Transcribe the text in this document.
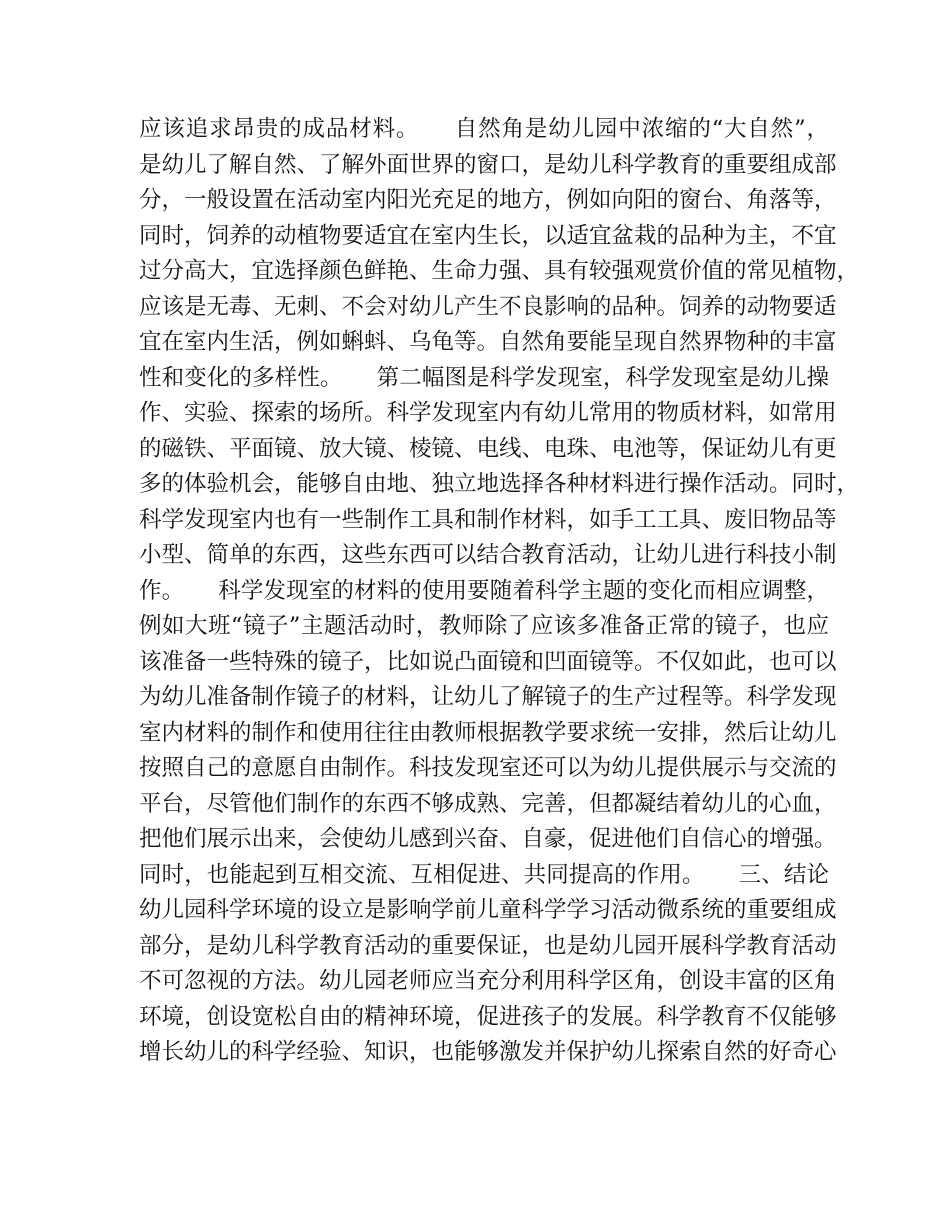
应该追求昂贵的成品材料。　　自然角是幼儿园中浓缩的“大自然”，
是幼儿了解自然、了解外面世界的窗口，是幼儿科学教育的重要组成部
分，一般设置在活动室内阳光充足的地方，例如向阳的窗台、角落等，
同时，饲养的动植物要适宜在室内生长，以适宜盆栽的品种为主，不宜
过分高大，宜选择颜色鲜艳、生命力强、具有较强观赏价值的常见植物，
应该是无毒、无刺、不会对幼儿产生不良影响的品种。饲养的动物要适
宜在室内生活，例如蝌蚪、乌龟等。自然角要能呈现自然界物种的丰富
性和变化的多样性。　　第二幅图是科学发现室，科学发现室是幼儿操
作、实验、探索的场所。科学发现室内有幼儿常用的物质材料，如常用
的磁铁、平面镜、放大镜、棱镜、电线、电珠、电池等，保证幼儿有更
多的体验机会，能够自由地、独立地选择各种材料进行操作活动。同时，
科学发现室内也有一些制作工具和制作材料，如手工工具、废旧物品等
小型、简单的东西，这些东西可以结合教育活动，让幼儿进行科技小制
作。　　科学发现室的材料的使用要随着科学主题的变化而相应调整，
例如大班“镜子”主题活动时，教师除了应该多准备正常的镜子，也应
该准备一些特殊的镜子，比如说凸面镜和凹面镜等。不仅如此，也可以
为幼儿准备制作镜子的材料，让幼儿了解镜子的生产过程等。科学发现
室内材料的制作和使用往往由教师根据教学要求统一安排，然后让幼儿
按照自己的意愿自由制作。科技发现室还可以为幼儿提供展示与交流的
平台，尽管他们制作的东西不够成熟、完善，但都凝结着幼儿的心血，
把他们展示出来，会使幼儿感到兴奋、自豪，促进他们自信心的增强。
同时，也能起到互相交流、互相促进、共同提高的作用。　　三、结论
幼儿园科学环境的设立是影响学前儿童科学学习活动微系统的重要组成
部分，是幼儿科学教育活动的重要保证，也是幼儿园开展科学教育活动
不可忽视的方法。幼儿园老师应当充分利用科学区角，创设丰富的区角
环境，创设宽松自由的精神环境，促进孩子的发展。科学教育不仅能够
增长幼儿的科学经验、知识，也能够激发并保护幼儿探索自然的好奇心
